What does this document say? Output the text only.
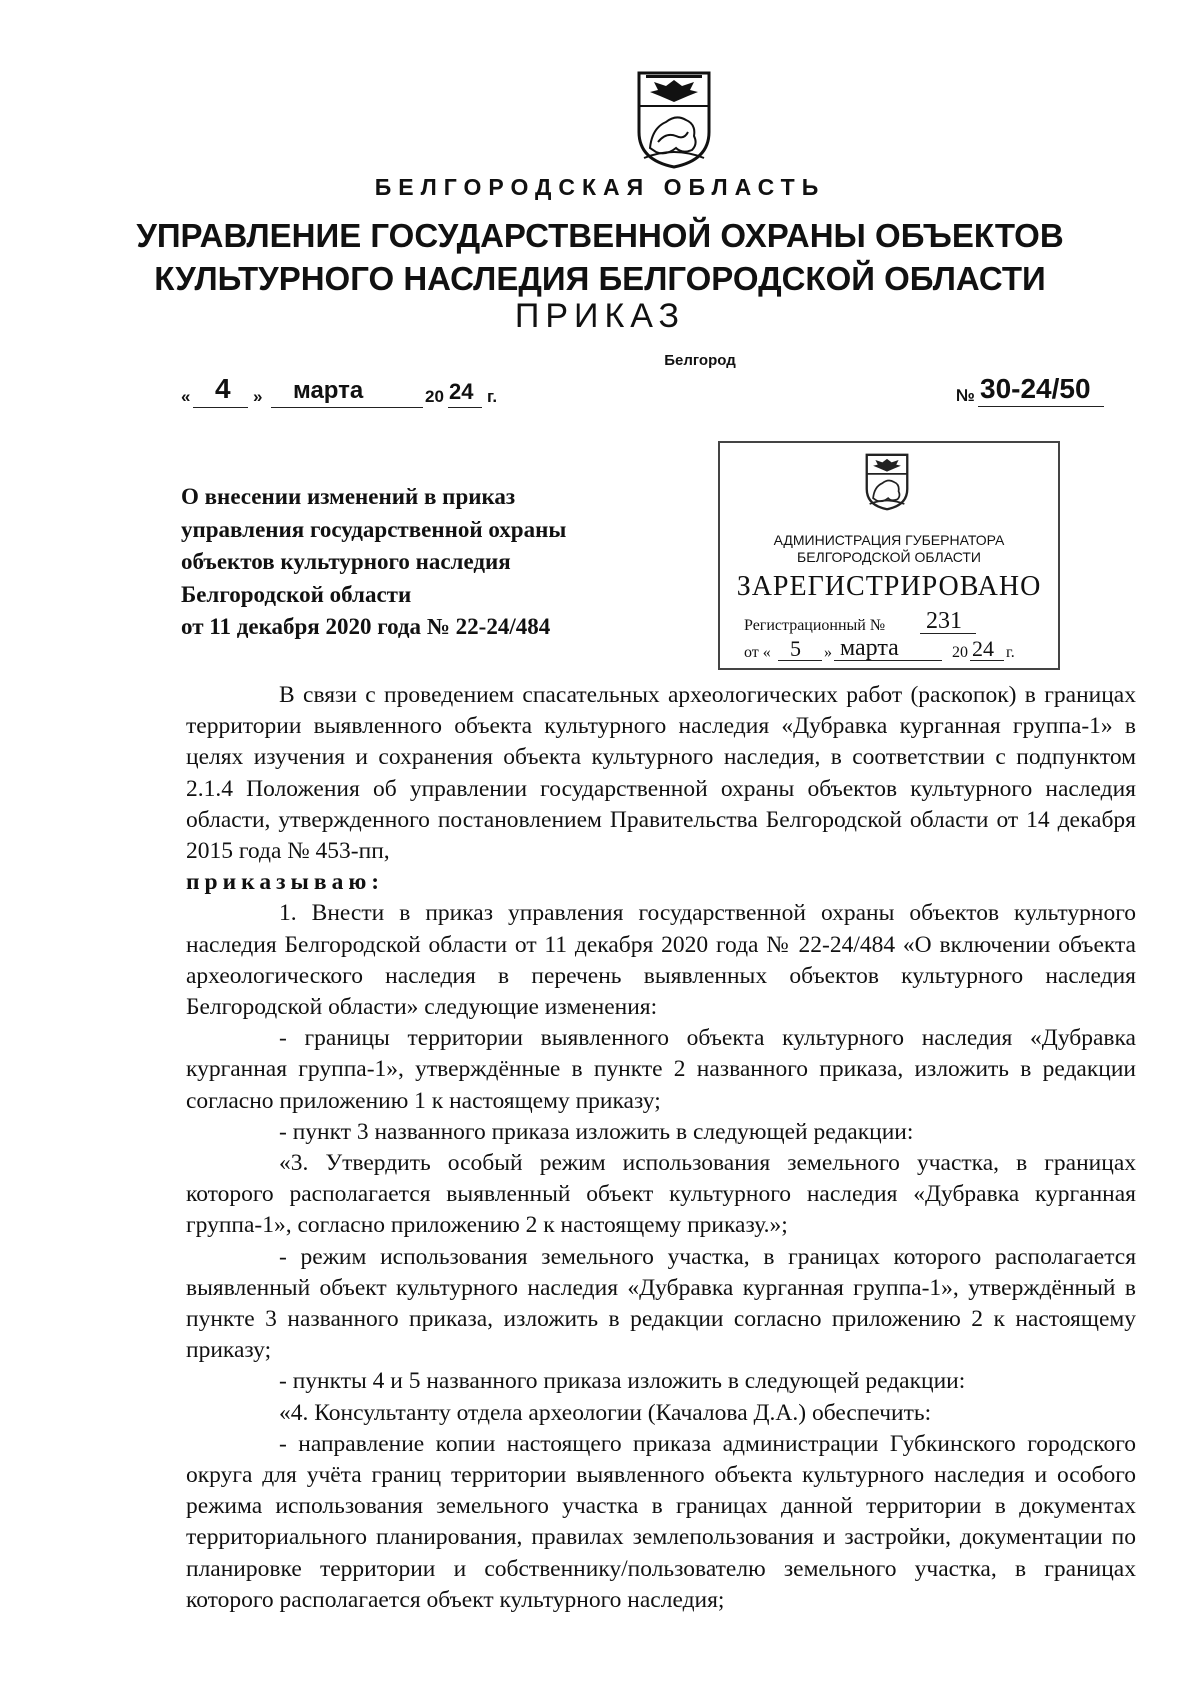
БЕЛГОРОДСКАЯ ОБЛАСТЬ
УПРАВЛЕНИЕ ГОСУДАРСТВЕННОЙ ОХРАНЫ ОБЪЕКТОВ
КУЛЬТУРНОГО НАСЛЕДИЯ БЕЛГОРОДСКОЙ ОБЛАСТИ
ПРИКАЗ
Белгород
« 4 » марта	20 24 г.	№ 30-24/50
О внесении изменений в приказ
управления государственной охраны
объектов культурного наследия
Белгородской области
от 11 декабря 2020 года № 22-24/484
АДМИНИСТРАЦИЯ ГУБЕРНАТОРА
БЕЛГОРОДСКОЙ ОБЛАСТИ
ЗАРЕГИСТРИРОВАНО
Регистрационный № 231
от « 5 » марта	20 24 г.

В связи с проведением спасательных археологических работ (раскопок) в границах территории выявленного объекта культурного наследия «Дубравка курганная группа-1» в целях изучения и сохранения объекта культурного наследия, в соответствии с подпунктом 2.1.4 Положения об управлении государственной охраны объектов культурного наследия области, утвержденного постановлением Правительства Белгородской области от 14 декабря 2015 года № 453-пп,

приказываю:

1. Внести в приказ управления государственной охраны объектов культурного наследия Белгородской области от 11 декабря 2020 года № 22-24/484 «О включении объекта археологического наследия в перечень выявленных объектов культурного наследия Белгородской области» следующие изменения:

- границы территории выявленного объекта культурного наследия «Дубравка курганная группа-1», утверждённые в пункте 2 названного приказа, изложить в редакции согласно приложению 1 к настоящему приказу;

- пункт 3 названного приказа изложить в следующей редакции:

«3. Утвердить особый режим использования земельного участка, в границах которого располагается выявленный объект культурного наследия «Дубравка курганная группа-1», согласно приложению 2 к настоящему приказу.»;

- режим использования земельного участка, в границах которого располагается выявленный объект культурного наследия «Дубравка курганная группа-1», утверждённый в пункте 3 названного приказа, изложить в редакции согласно приложению 2 к настоящему приказу;

- пункты 4 и 5 названного приказа изложить в следующей редакции:

«4. Консультанту отдела археологии (Качалова Д.А.) обеспечить:

- направление копии настоящего приказа администрации Губкинского городского округа для учёта границ территории выявленного объекта культурного наследия и особого режима использования земельного участка в границах данной территории в документах территориального планирования, правилах землепользования и застройки, документации по планировке территории и собственнику/пользователю земельного участка, в границах которого располагается объект культурного наследия;
